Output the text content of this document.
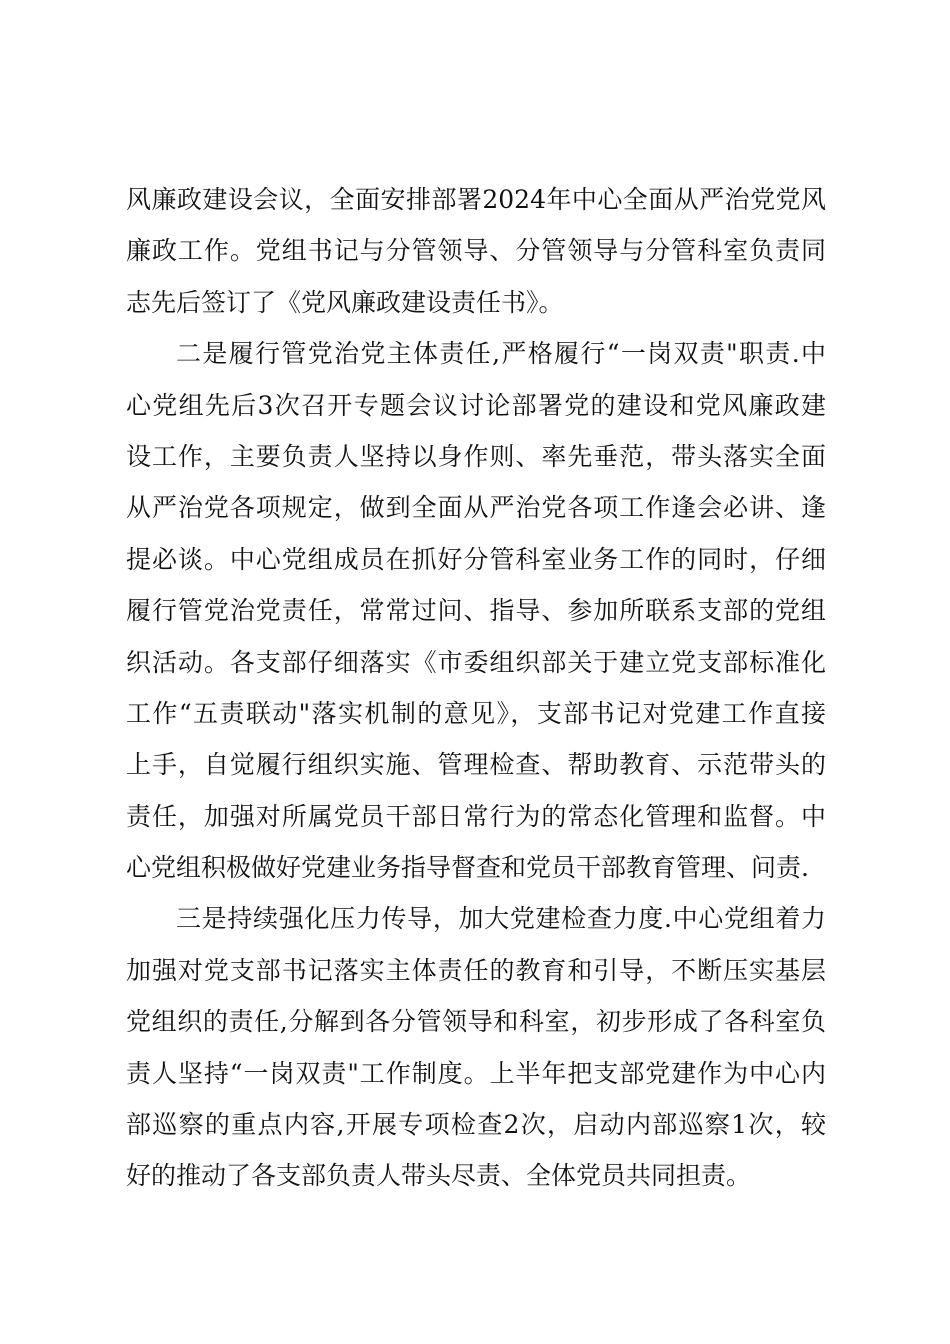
风廉政建设会议，全面安排部署2024年中心全面从严治党党风
廉政工作。党组书记与分管领导、分管领导与分管科室负责同
志先后签订了《党风廉政建设责任书》。
二是履行管党治党主体责任,严格履行“一岗双责"职责.中
心党组先后3次召开专题会议讨论部署党的建设和党风廉政建
设工作，主要负责人坚持以身作则、率先垂范，带头落实全面
从严治党各项规定，做到全面从严治党各项工作逢会必讲、逢
提必谈。中心党组成员在抓好分管科室业务工作的同时，仔细
履行管党治党责任，常常过问、指导、参加所联系支部的党组
织活动。各支部仔细落实《市委组织部关于建立党支部标准化
工作“五责联动"落实机制的意见》，支部书记对党建工作直接
上手，自觉履行组织实施、管理检查、帮助教育、示范带头的
责任，加强对所属党员干部日常行为的常态化管理和监督。中
心党组积极做好党建业务指导督查和党员干部教育管理、问责.
三是持续强化压力传导，加大党建检查力度.中心党组着力
加强对党支部书记落实主体责任的教育和引导，不断压实基层
党组织的责任,分解到各分管领导和科室，初步形成了各科室负
责人坚持“一岗双责"工作制度。上半年把支部党建作为中心内
部巡察的重点内容,开展专项检查2次，启动内部巡察1次，较
好的推动了各支部负责人带头尽责、全体党员共同担责。
